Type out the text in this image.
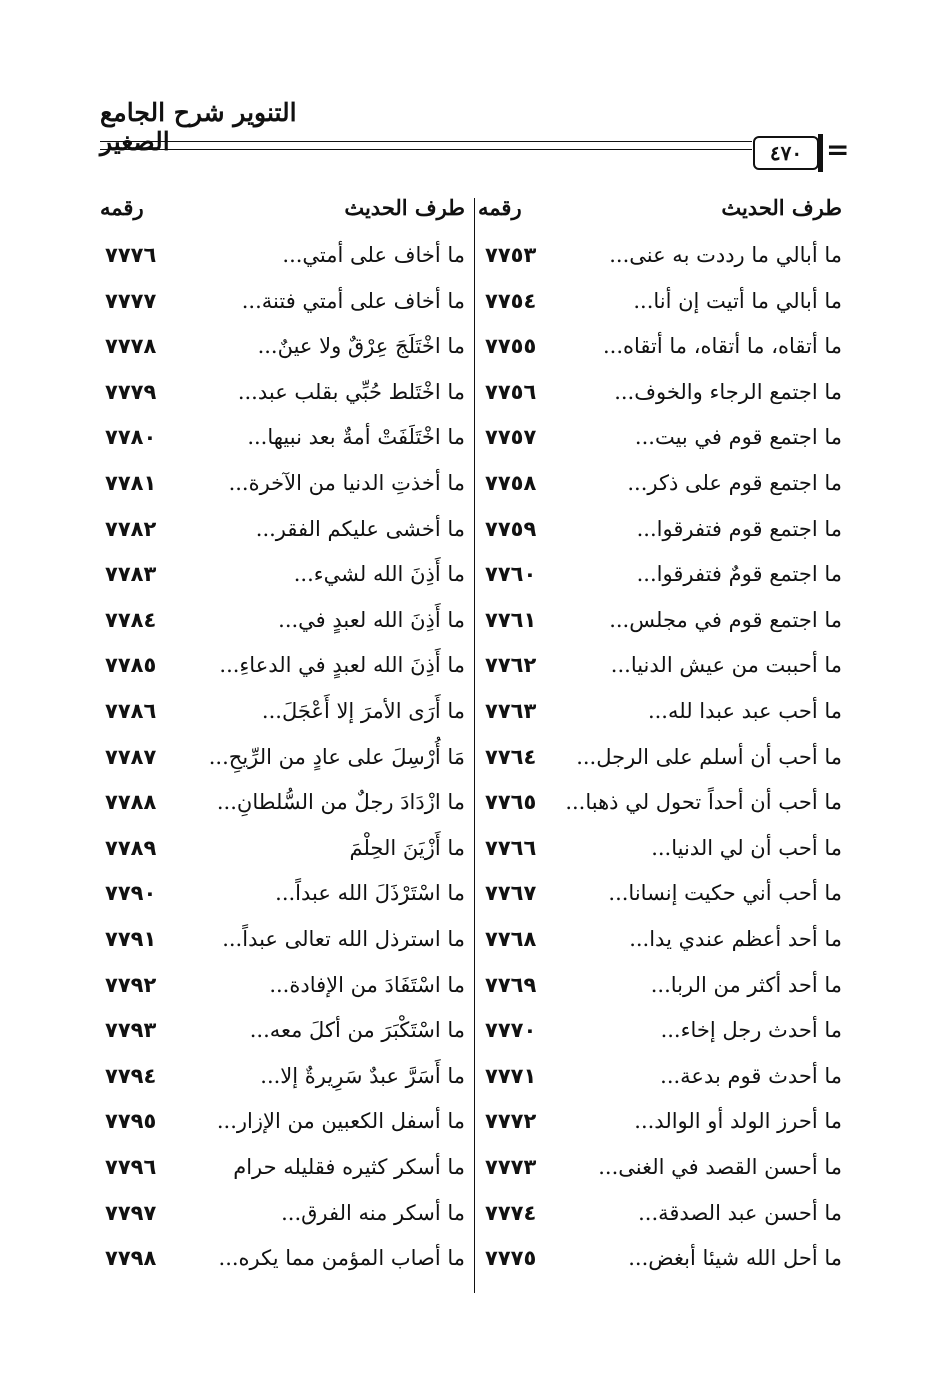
التنوير شرح الجامع الصغير	٤٧٠ =
طرف الحديث
رقمه
طرف الحديث
رقمه
ما أبالي ما رددت به عنى...
٧٧٥٣
ما أخاف على أمتي...
٧٧٧٦
ما أبالي ما أتيت إن أنا...
٧٧٥٤
ما أخاف على أمتي فتنة...
٧٧٧٧
ما أتقاه، ما أتقاه، ما أتقاه...
٧٧٥٥
ما اخْتَلَجَ عِرْقٌ ولا عينٌ...
٧٧٧٨
ما اجتمع الرجاء والخوف...
٧٧٥٦
ما اخْتَلط حُبِّي بقلب عبد...
٧٧٧٩
ما اجتمع قوم في بيت...
٧٧٥٧
ما اخْتَلَفَتْ أمةٌ بعد نبيها...
٧٧٨٠
ما اجتمع قوم على ذكر...
٧٧٥٨
ما أخذتِ الدنيا من الآخرة...
٧٧٨١
ما اجتمع قوم فتفرقوا...
٧٧٥٩
ما أخشى عليكم الفقر...
٧٧٨٢
ما اجتمع قومٌ فتفرقوا...
٧٧٦٠
ما أَذِنَ الله لشيء...
٧٧٨٣
ما اجتمع قوم في مجلس...
٧٧٦١
ما أَذِنَ الله لعبدٍ في...
٧٧٨٤
ما أحببت من عيش الدنيا...
٧٧٦٢
ما أَذِنَ الله لعبدٍ في الدعاءِ...
٧٧٨٥
ما أحب عبد عبدا لله...
٧٧٦٣
ما أَرَى الأمرَ إلا أَعْجَلَ...
٧٧٨٦
ما أحب أن أسلم على الرجل...
٧٧٦٤
مَا أُرْسِلَ على عادٍ من الرِّيحِ...
٧٧٨٧
ما أحب أن أحداً تحول لي ذهبا...
٧٧٦٥
ما ازْدَادَ رجلٌ من السُّلطانِ...
٧٧٨٨
ما أحب أن لي الدنيا...
٧٧٦٦
ما أَزْيَنَ الحِلْمَ
٧٧٨٩
ما أحب أني حكيت إنسانا...
٧٧٦٧
ما اسْتَرْذَلَ الله عبداً...
٧٧٩٠
ما أحد أعظم عندي يدا...
٧٧٦٨
ما استرذل الله تعالى عبداً...
٧٧٩١
ما أحد أكثر من الربا...
٧٧٦٩
ما اسْتَفَادَ من الإفادة...
٧٧٩٢
ما أحدث رجل إخاء...
٧٧٧٠
ما اسْتَكْبَرَ من أكلَ معه...
٧٧٩٣
ما أحدث قوم بدعة...
٧٧٧١
ما أَسَرَّ عبدٌ سَرِيرةٌ إلا...
٧٧٩٤
ما أحرز الولد أو الوالد...
٧٧٧٢
ما أسفل الكعبين من الإزار...
٧٧٩٥
ما أحسن القصد في الغنى...
٧٧٧٣
ما أسكر كثيره فقليله حرام
٧٧٩٦
ما أحسن عبد الصدقة...
٧٧٧٤
ما أسكر منه الفرق...
٧٧٩٧
ما أحل الله شيئا أبغض...
٧٧٧٥
ما أصاب المؤمن مما يكره...
٧٧٩٨
